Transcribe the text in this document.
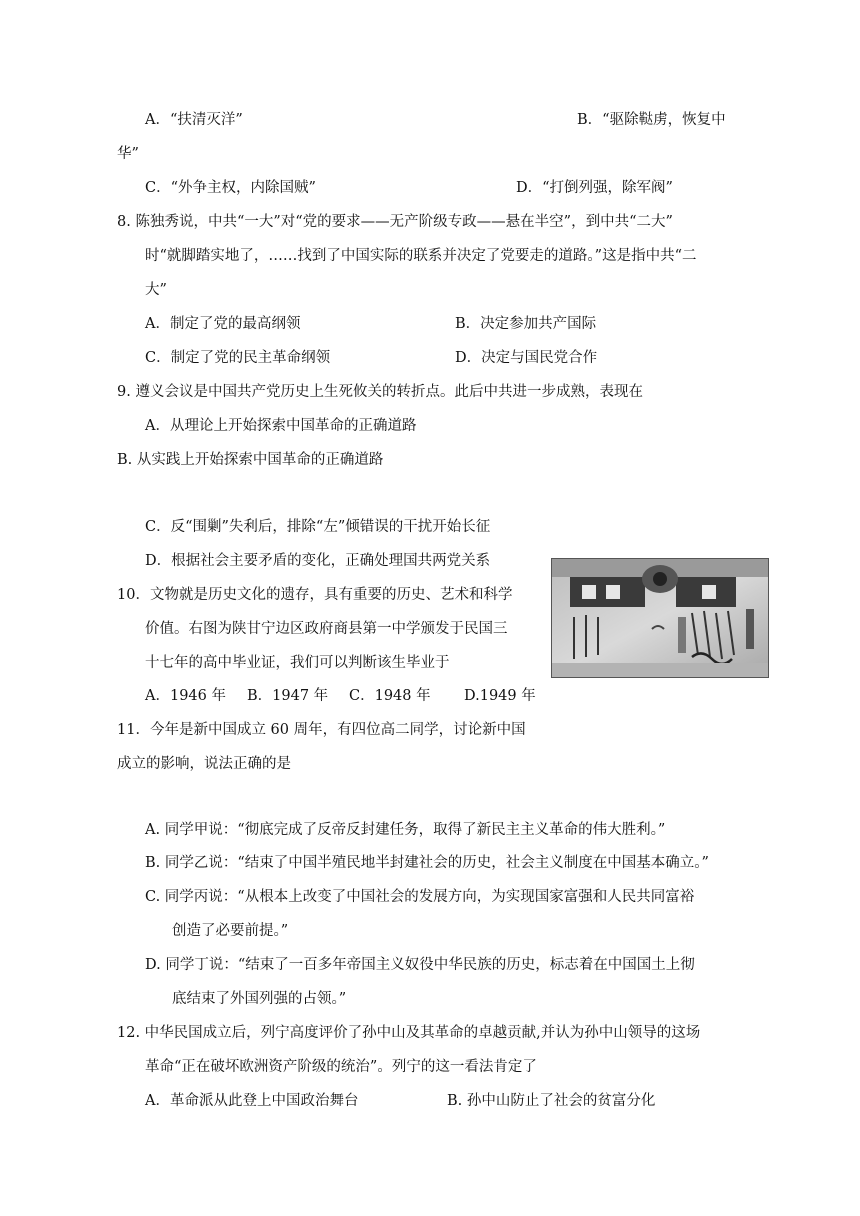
A．“扶清灭洋”	B．“驱除鞑虏，恢复中
华”
C．“外争主权，内除国贼”	D．“打倒列强，除军阀”
8. 陈独秀说，中共“一大”对“党的要求——无产阶级专政——悬在半空”，到中共“二大”
时“就脚踏实地了，……找到了中国实际的联系并决定了党要走的道路。”这是指中共“二
大”
A．制定了党的最高纲领	B．决定参加共产国际
C．制定了党的民主革命纲领	D．决定与国民党合作
9. 遵义会议是中国共产党历史上生死攸关的转折点。此后中共进一步成熟，表现在
A．从理论上开始探索中国革命的正确道路
B. 从实践上开始探索中国革命的正确道路
C．反“围剿”失利后，排除“左”倾错误的干扰开始长征
D．根据社会主要矛盾的变化，正确处理国共两党关系
10．文物就是历史文化的遗存，具有重要的历史、艺术和科学
价值。右图为陕甘宁边区政府商县第一中学颁发于民国三
十七年的高中毕业证，我们可以判断该生毕业于
A．1946 年 B．1947 年 C．1948 年 D.1949 年
11．今年是新中国成立 60 周年，有四位高二同学，讨论新中国
成立的影响，说法正确的是
A. 同学甲说：“彻底完成了反帝反封建任务，取得了新民主主义革命的伟大胜利。”
B. 同学乙说：“结束了中国半殖民地半封建社会的历史，社会主义制度在中国基本确立。”
C. 同学丙说：“从根本上改变了中国社会的发展方向，为实现国家富强和人民共同富裕
创造了必要前提。”
D. 同学丁说：“结束了一百多年帝国主义奴役中华民族的历史，标志着在中国国土上彻
底结束了外国列强的占领。”
12. 中华民国成立后，列宁高度评价了孙中山及其革命的卓越贡献,并认为孙中山领导的这场
革命“正在破坏欧洲资产阶级的统治”。列宁的这一看法肯定了
A．革命派从此登上中国政治舞台	B. 孙中山防止了社会的贫富分化
